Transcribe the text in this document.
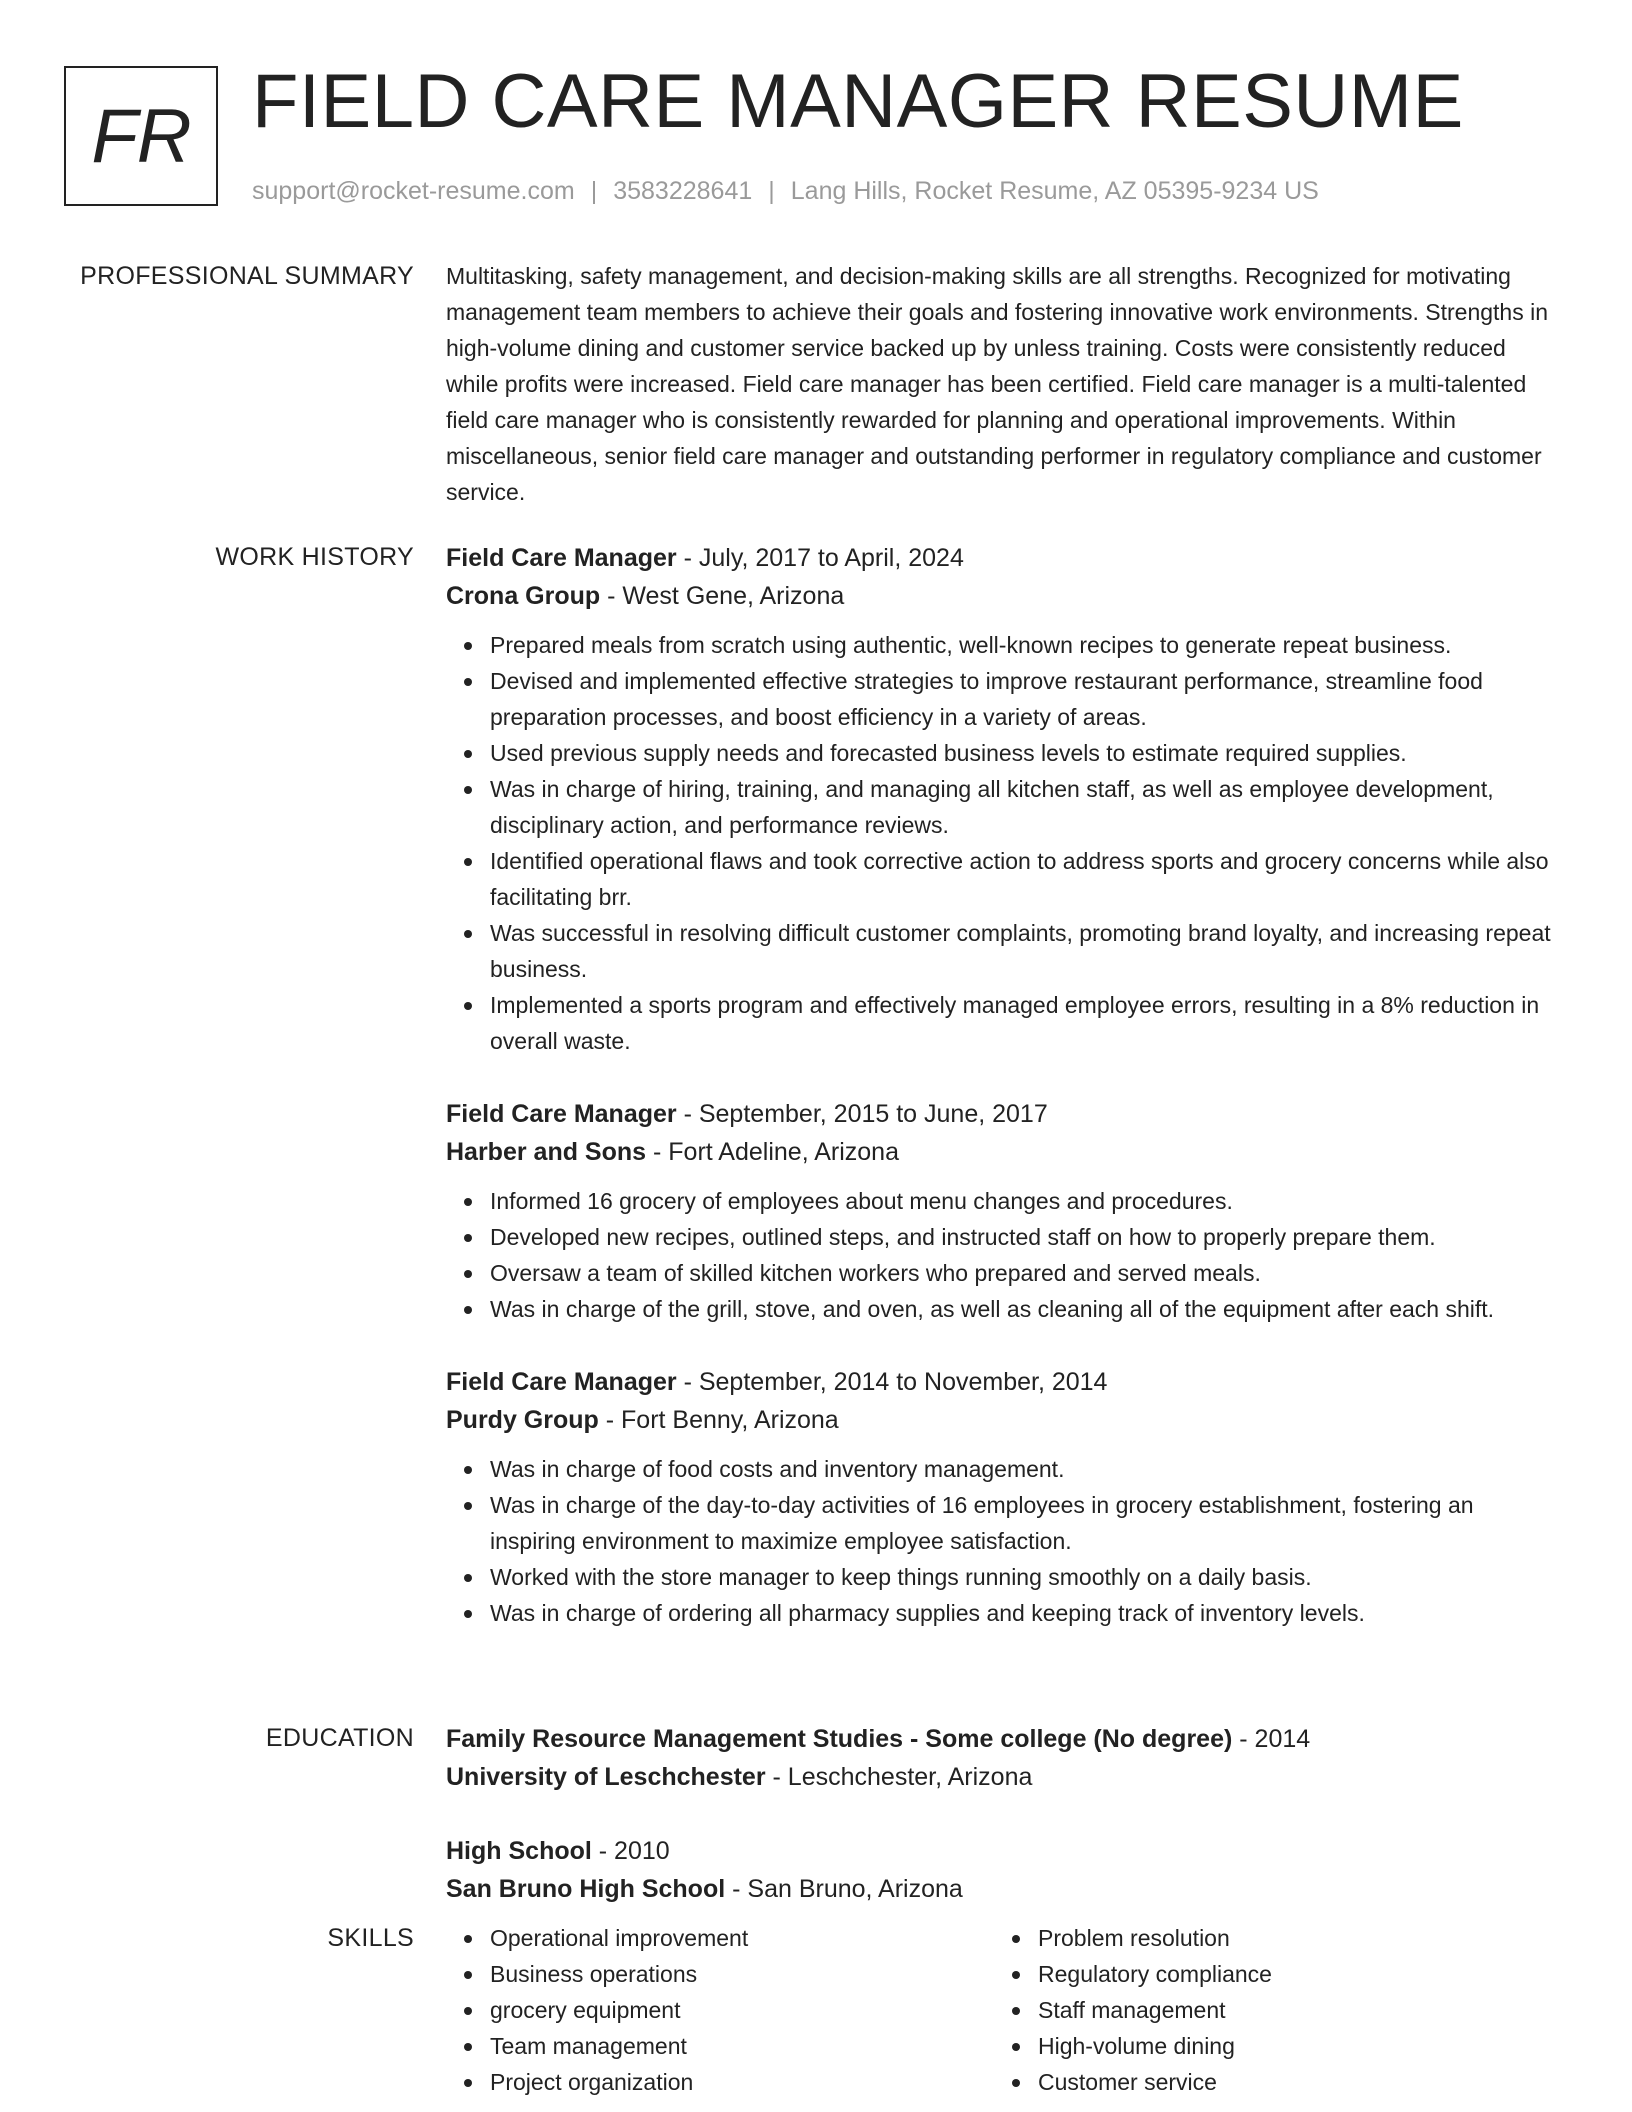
FR FIELD CARE MANAGER RESUME
support@rocket-resume.com | 3583228641 | Lang Hills, Rocket Resume, AZ 05395-9234 US
PROFESSIONAL SUMMARY Multitasking, safety management, and decision-making skills are all strengths. Recognized for motivating management team members to achieve their goals and fostering innovative work environments. Strengths in high-volume dining and customer service backed up by unless training. Costs were consistently reduced while profits were increased. Field care manager has been certified. Field care manager is a multi-talented field care manager who is consistently rewarded for planning and operational improvements. Within miscellaneous, senior field care manager and outstanding performer in regulatory compliance and customer service.

WORK HISTORY Field Care Manager - July, 2017 to April, 2024
Crona Group - West Gene, Arizona
Prepared meals from scratch using authentic, well-known recipes to generate repeat business.
Devised and implemented effective strategies to improve restaurant performance, streamline food preparation processes, and boost efficiency in a variety of areas.
Used previous supply needs and forecasted business levels to estimate required supplies.
Was in charge of hiring, training, and managing all kitchen staff, as well as employee development, disciplinary action, and performance reviews.
Identified operational flaws and took corrective action to address sports and grocery concerns while also facilitating brr.
Was successful in resolving difficult customer complaints, promoting brand loyalty, and increasing repeat business.
Implemented a sports program and effectively managed employee errors, resulting in a 8% reduction in overall waste.
Field Care Manager - September, 2015 to June, 2017
Harber and Sons - Fort Adeline, Arizona
Informed 16 grocery of employees about menu changes and procedures.
Developed new recipes, outlined steps, and instructed staff on how to properly prepare them.
Oversaw a team of skilled kitchen workers who prepared and served meals.
Was in charge of the grill, stove, and oven, as well as cleaning all of the equipment after each shift.
Field Care Manager - September, 2014 to November, 2014
Purdy Group - Fort Benny, Arizona
Was in charge of food costs and inventory management.
Was in charge of the day-to-day activities of 16 employees in grocery establishment, fostering an inspiring environment to maximize employee satisfaction.
Worked with the store manager to keep things running smoothly on a daily basis.
Was in charge of ordering all pharmacy supplies and keeping track of inventory levels.
EDUCATION Family Resource Management Studies - Some college (No degree) - 2014
University of Leschchester - Leschchester, Arizona
High School - 2010
San Bruno High School - San Bruno, Arizona
SKILLS	Operational improvement
Business operations
grocery equipment
Team management
Project organization
Problem resolution
Regulatory compliance
Staff management
High-volume dining
Customer service
